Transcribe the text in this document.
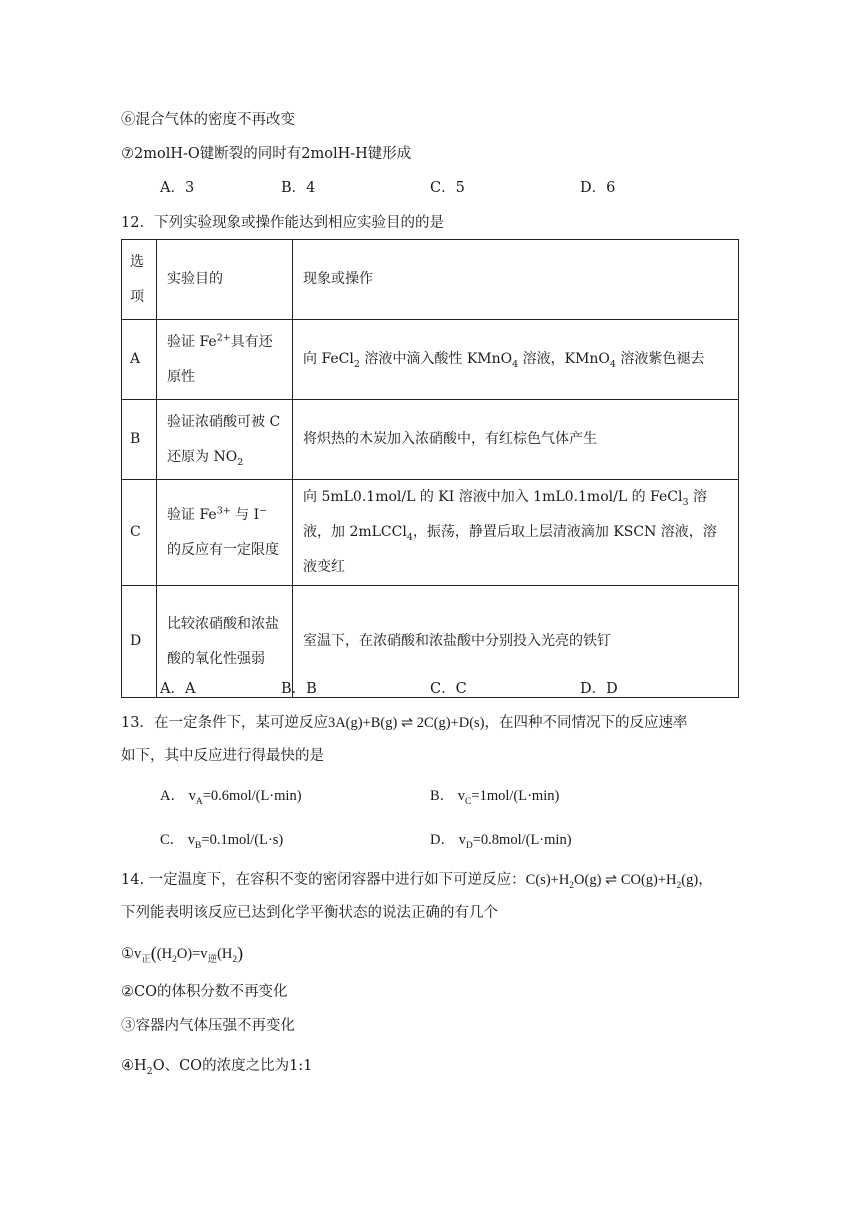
⑥混合气体的密度不再改变
⑦2molH-O键断裂的同时有2molH-H键形成
A．3	B．4	C．5	D．6
12．下列实验现象或操作能达到相应实验目的的是
选项	实验目的	现象或操作
A	验证 $Fe^{2+}$具有还原性	向 FeCl$_2$ 溶液中滴入酸性 KMnO$_4$ 溶液，KMnO$_4$ 溶液紫色褪去
B	验证浓硝酸可被 C 还原为 $NO_2$	将炽热的木炭加入浓硝酸中，有红棕色气体产生
C	验证 $Fe^{3+}$ 与 I− 的反应有一定限度	向 5mL0.1mol/L 的 KI 溶液中加入 1mL0.1mol/L 的 FeCl$_3$ 溶液，加 2mLCCl$_4$，振荡，静置后取上层清液滴加 KSCN 溶液，溶液变红
D	比较浓硝酸和浓盐酸的氧化性强弱	室温下，在浓硝酸和浓盐酸中分别投入光亮的铁钉
A．A	B．B	C．C	D．D
13．在一定条件下，某可逆反应3A(g)+B(g) ⇌ 2C(g)+D(s)，在四种不同情况下的反应速率
如下，其中反应进行得最快的是
A． $v_A=0.6mol/(L\cdot\min)$	B． $v_C=1mol/(L\cdot\min)$
C． $v_B=0.1mol/(L\cdot s)$	D． $v_D=0.8mol/(L\cdot\min)$
14. 一定温度下，在容积不变的密闭容器中进行如下可逆反应：$C(s)+H_2O(g)$ ⇌ $CO(g)+H_2(g)$，
下列能表明该反应已达到化学平衡状态的说法正确的有几个
$①v_正((H_2O)=v_逆(H_2)$
②CO的体积分数不再变化
③容器内气体压强不再变化
$④H_2O$、CO的浓度之比为1:1
